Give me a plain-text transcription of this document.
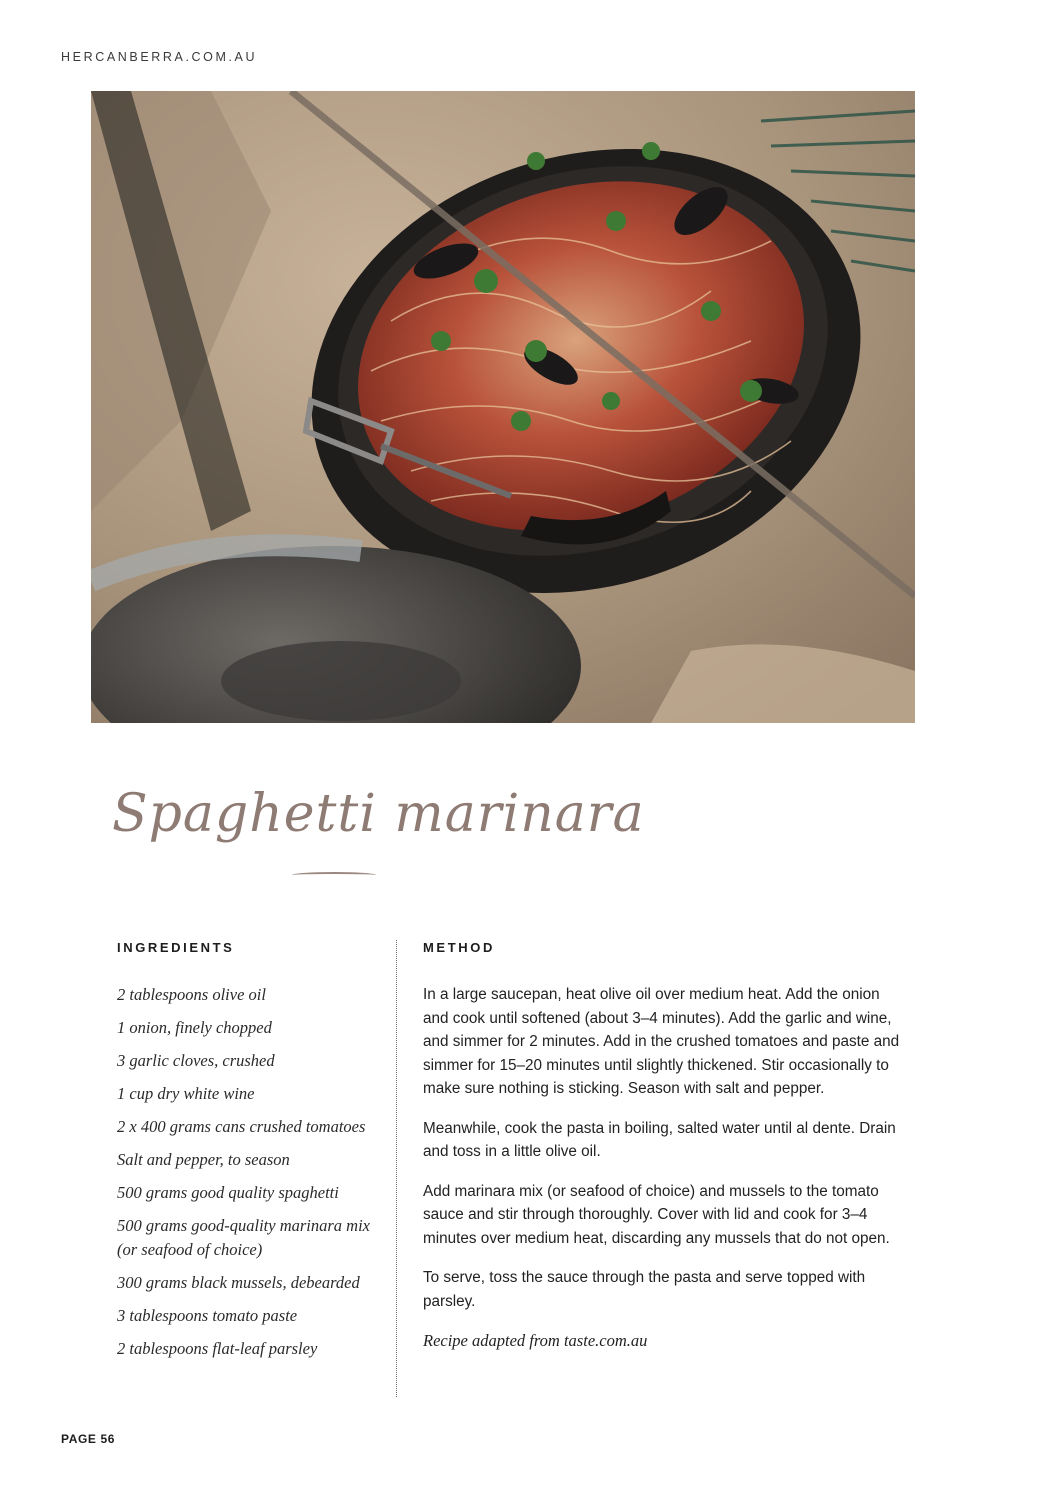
HERCANBERRA.COM.AU
Spaghetti marinara
INGREDIENTS	METHOD
2 tablespoons olive oil
1 onion, finely chopped
3 garlic cloves, crushed
1 cup dry white wine
2 x 400 grams cans crushed tomatoes
Salt and pepper, to season
500 grams good quality spaghetti
500 grams good-quality marinara mix (or seafood of choice)
300 grams black mussels, debearded
3 tablespoons tomato paste
2 tablespoons flat-leaf parsley

In a large saucepan, heat olive oil over medium heat. Add the onion and cook until softened (about 3–4 minutes). Add the garlic and wine, and simmer for 2 minutes. Add in the crushed tomatoes and paste and simmer for 15–20 minutes until slightly thickened. Stir occasionally to make sure nothing is sticking. Season with salt and pepper.

Meanwhile, cook the pasta in boiling, salted water until al dente. Drain and toss in a little olive oil.

Add marinara mix (or seafood of choice) and mussels to the tomato sauce and stir through thoroughly. Cover with lid and cook for 3–4 minutes over medium heat, discarding any mussels that do not open.

To serve, toss the sauce through the pasta and serve topped with parsley.

Recipe adapted from taste.com.au

PAGE 56
